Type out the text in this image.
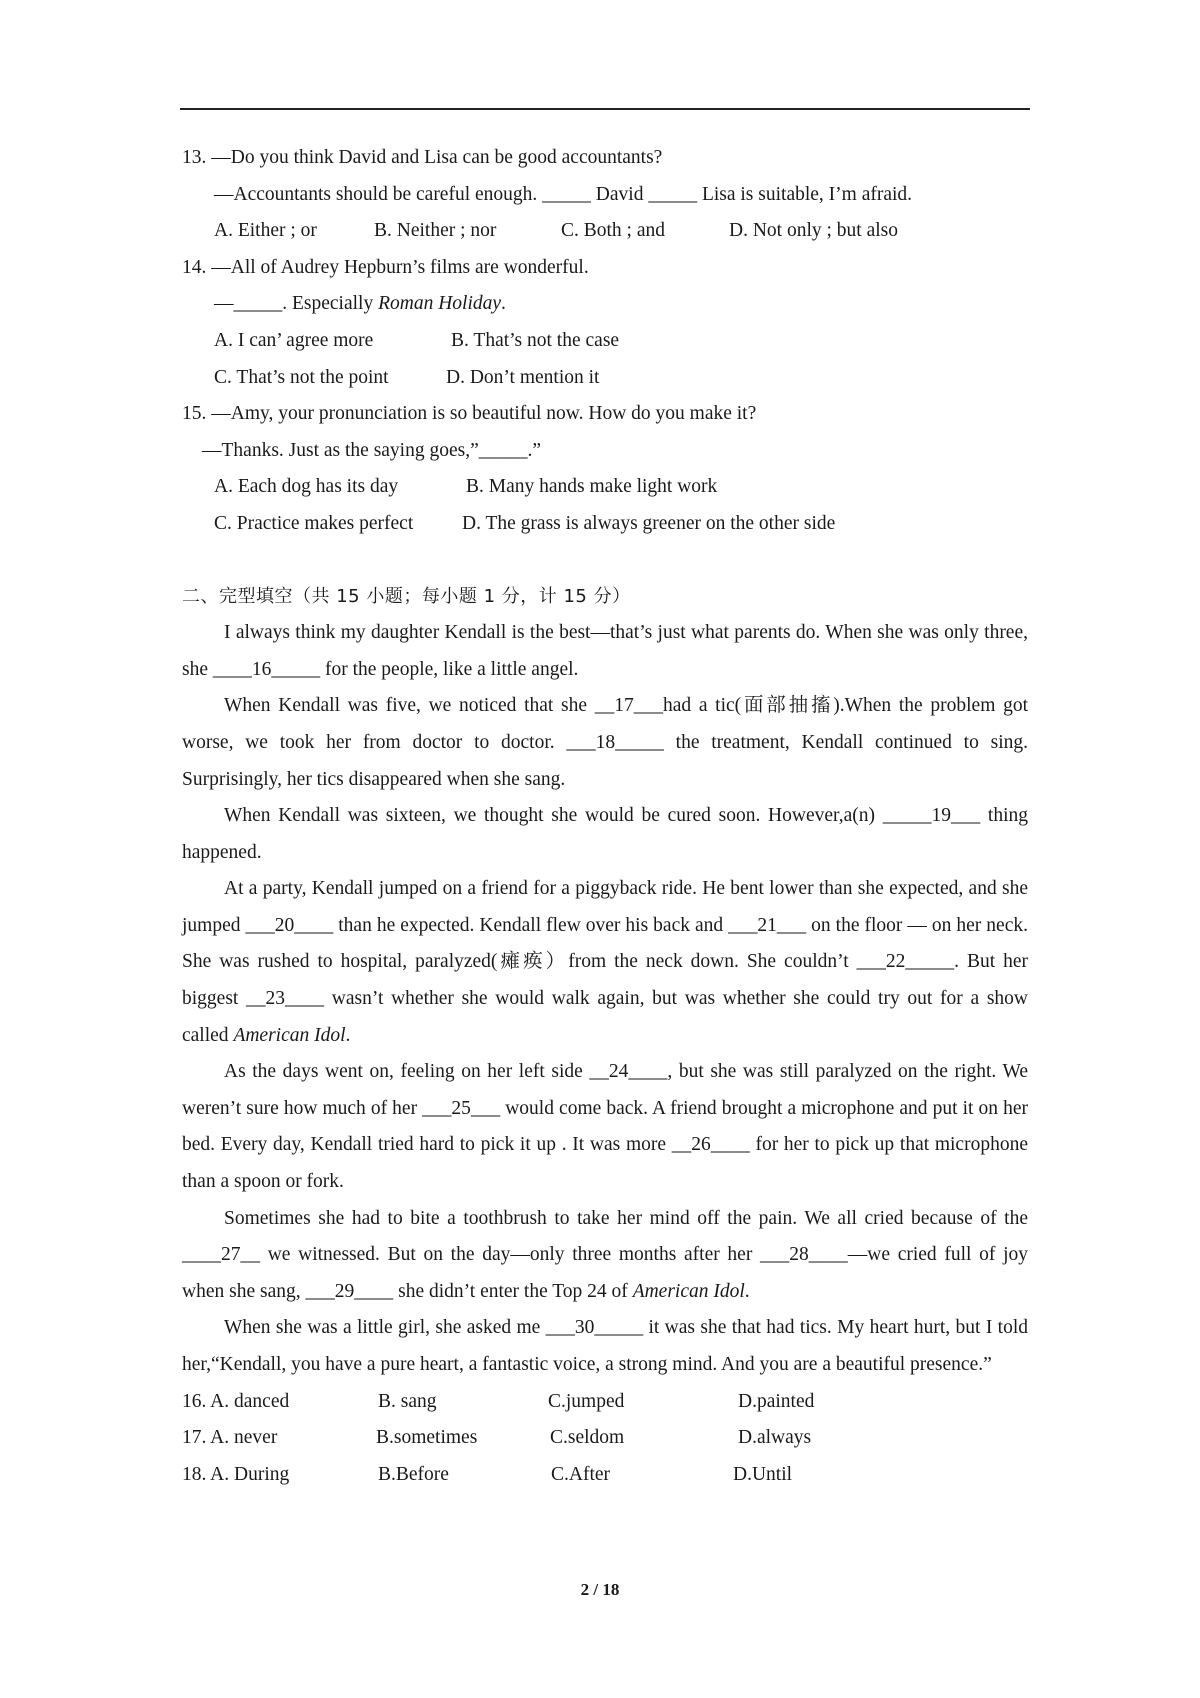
13. —Do you think David and Lisa can be good accountants?
—Accountants should be careful enough. _____ David _____ Lisa is suitable, I’m afraid.
A. Either ; or	B. Neither ; nor	C. Both ; and	D. Not only ; but also
14. —All of Audrey Hepburn’s films are wonderful.
—_____. Especially Roman Holiday.
A. I can’ agree more	B. That’s not the case
C. That’s not the point	D. Don’t mention it
15. —Amy, your pronunciation is so beautiful now. How do you make it?
—Thanks. Just as the saying goes,”_____.”
A. Each dog has its day	B. Many hands make light work
C. Practice makes perfect	D. The grass is always greener on the other side
二、完型填空（共 15 小题；每小题 1 分，计 15 分）

I always think my daughter Kendall is the best—that’s just what parents do. When she was only three, she ____16_____ for the people, like a little angel.

When Kendall was five, we noticed that she __17___had a tic(面部抽搐).When the problem got worse, we took her from doctor to doctor. ___18_____ the treatment, Kendall continued to sing. Surprisingly, her tics disappeared when she sang.

When Kendall was sixteen, we thought she would be cured soon. However,a(n) _____19___ thing happened.

At a party, Kendall jumped on a friend for a piggyback ride. He bent lower than she expected, and she jumped ___20____ than he expected. Kendall flew over his back and ___21___ on the floor — on her neck. She was rushed to hospital, paralyzed(瘫痪）from the neck down. She couldn’t ___22_____. But her biggest __23____ wasn’t whether she would walk again, but was whether she could try out for a show called American Idol.

As the days went on, feeling on her left side __24____, but she was still paralyzed on the right. We weren’t sure how much of her ___25___ would come back. A friend brought a microphone and put it on her bed. Every day, Kendall tried hard to pick it up . It was more __26____ for her to pick up that microphone than a spoon or fork.

Sometimes she had to bite a toothbrush to take her mind off the pain. We all cried because of the ____27__ we witnessed. But on the day—only three months after her ___28____—we cried full of joy when she sang, ___29____ she didn’t enter the Top 24 of American Idol.

When she was a little girl, she asked me ___30_____ it was she that had tics. My heart hurt, but I told her,“Kendall, you have a pure heart, a fantastic voice, a strong mind. And you are a beautiful presence.”

16. A. danced	B. sang	C.jumped	D.painted
17. A. never	B.sometimes	C.seldom	D.always
18. A. During	B.Before	C.After	D.Until
2 / 18
